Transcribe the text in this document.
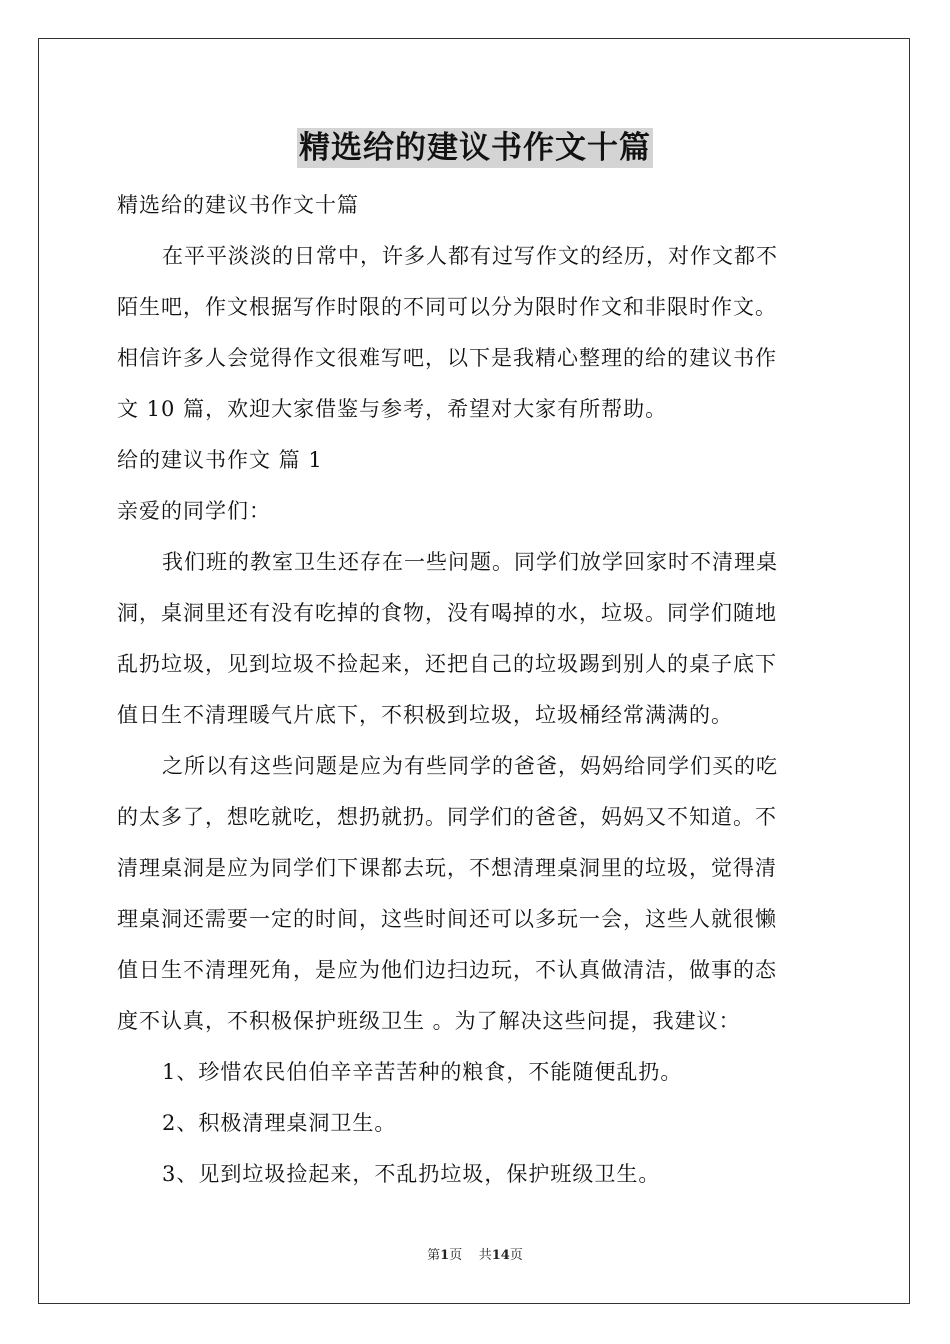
精选给的建议书作文十篇
精选给的建议书作文十篇
在平平淡淡的日常中，许多人都有过写作文的经历，对作文都不
陌生吧，作文根据写作时限的不同可以分为限时作文和非限时作文。
相信许多人会觉得作文很难写吧，以下是我精心整理的给的建议书作
文 10 篇，欢迎大家借鉴与参考，希望对大家有所帮助。
给的建议书作文 篇 1
亲爱的同学们：
我们班的教室卫生还存在一些问题。同学们放学回家时不清理桌
洞，桌洞里还有没有吃掉的食物，没有喝掉的水，垃圾。同学们随地
乱扔垃圾，见到垃圾不捡起来，还把自己的垃圾踢到别人的桌子底下
值日生不清理暖气片底下，不积极到垃圾，垃圾桶经常满满的。
之所以有这些问题是应为有些同学的爸爸，妈妈给同学们买的吃
的太多了，想吃就吃，想扔就扔。同学们的爸爸，妈妈又不知道。不
清理桌洞是应为同学们下课都去玩，不想清理桌洞里的垃圾，觉得清
理桌洞还需要一定的时间，这些时间还可以多玩一会，这些人就很懒
值日生不清理死角，是应为他们边扫边玩，不认真做清洁，做事的态
度不认真，不积极保护班级卫生 。为了解决这些问提，我建议：
1、珍惜农民伯伯辛辛苦苦种的粮食，不能随便乱扔。
2、积极清理桌洞卫生。
3、见到垃圾捡起来，不乱扔垃圾，保护班级卫生。
第1页 共14页
